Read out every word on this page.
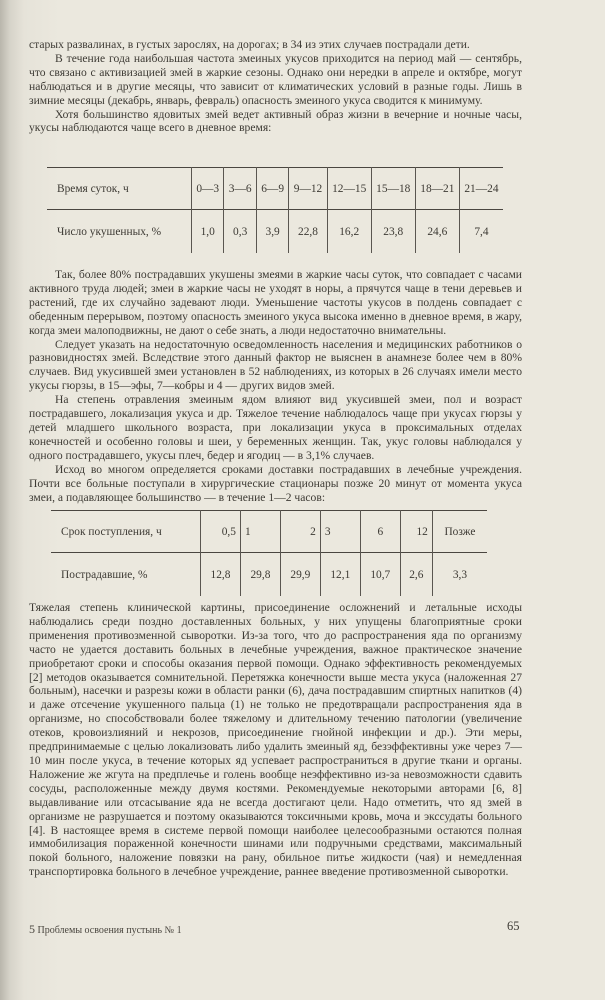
старых развалинах, в густых зарослях, на дорогах; в 34 из этих случаев пострадали дети.

В течение года наибольшая частота змеиных укусов приходится на период май — сентябрь, что связано с активизацией змей в жаркие сезоны. Однако они нередки в апреле и октябре, могут наблюдаться и в другие месяцы, что зависит от климатических условий в разные годы. Лишь в зимние месяцы (декабрь, январь, февраль) опасность змеиного укуса сводится к минимуму.

Хотя большинство ядовитых змей ведет активный образ жизни в вечерние и ночные часы, укусы наблюдаются чаще всего в дневное время:

Время суток, ч	0—3	3—6	6—9	9—12	12—15	15—18	18—21	21—24
Число укушенных, %	1,0	0,3	3,9	22,8	16,2	23,8	24,6	7,4

Так, более 80% пострадавших укушены змеями в жаркие часы суток, что совпадает с часами активного труда людей; змеи в жаркие часы не уходят в норы, а прячутся чаще в тени деревьев и растений, где их случайно задевают люди. Уменьшение частоты укусов в полдень совпадает с обеденным перерывом, поэтому опасность змеиного укуса высока именно в дневное время, в жару, когда змеи малоподвижны, не дают о себе знать, а люди недостаточно внимательны.

Следует указать на недостаточную осведомленность населения и медицинских работников о разновидностях змей. Вследствие этого данный фактор не выяснен в анамнезе более чем в 80% случаев. Вид укусившей змеи установлен в 52 наблюдениях, из которых в 26 случаях имели место укусы гюрзы, в 15—эфы, 7—кобры и 4 — других видов змей.

На степень отравления змеиным ядом влияют вид укусившей змеи, пол и возраст пострадавшего, локализация укуса и др. Тяжелое течение наблюдалось чаще при укусах гюрзы у детей младшего школьного возраста, при локализации укуса в проксимальных отделах конечностей и особенно головы и шеи, у беременных женщин. Так, укус головы наблюдался у одного пострадавшего, укусы плеч, бедер и ягодиц — в 3,1% случаев.

Исход во многом определяется сроками доставки пострадавших в лечебные учреждения. Почти все больные поступали в хирургические стационары позже 20 минут от момента укуса змеи, а подавляющее большинство — в течение 1—2 часов:

Срок поступления, ч	0,5	1	2	3	6	12	Позже
Пострадавшие, %	12,8	29,8	29,9	12,1	10,7	2,6	3,3

Тяжелая степень клинической картины, присоединение осложнений и летальные исходы наблюдались среди поздно доставленных больных, у них упущены благоприятные сроки применения противозменной сыворотки. Из-за того, что до распространения яда по организму часто не удается доставить больных в лечебные учреждения, важное практическое значение приобретают сроки и способы оказания первой помощи. Однако эффективность рекомендуемых [2] методов оказывается сомнительной. Перетяжка конечности выше места укуса (наложенная 27 больным), насечки и разрезы кожи в области ранки (6), дача пострадавшим спиртных напитков (4) и даже отсечение укушенного пальца (1) не только не предотвращали распространения яда в организме, но способствовали более тяжелому и длительному течению патологии (увеличение отеков, кровоизлияний и некрозов, присоединение гнойной инфекции и др.). Эти меры, предпринимаемые с целью локализовать либо удалить змеиный яд, безэффективны уже через 7—10 мин после укуса, в течение которых яд успевает распространиться в другие ткани и органы. Наложение же жгута на предплечье и голень вообще неэффективно из-за невозможности сдавить сосуды, расположенные между двумя костями. Рекомендуемые некоторыми авторами [6, 8] выдавливание или отсасывание яда не всегда достигают цели. Надо отметить, что яд змей в организме не разрушается и поэтому оказываются токсичными кровь, моча и экссудаты больного [4]. В настоящее время в системе первой помощи наиболее целесообразными остаются полная иммобилизация пораженной конечности шинами или подручными средствами, максимальный покой больного, наложение повязки на рану, обильное питье жидкости (чая) и немедленная транспортировка больного в лечебное учреждение, раннее введение противозменной сыворотки.

5 Проблемы освоения пустынь № 1	65
